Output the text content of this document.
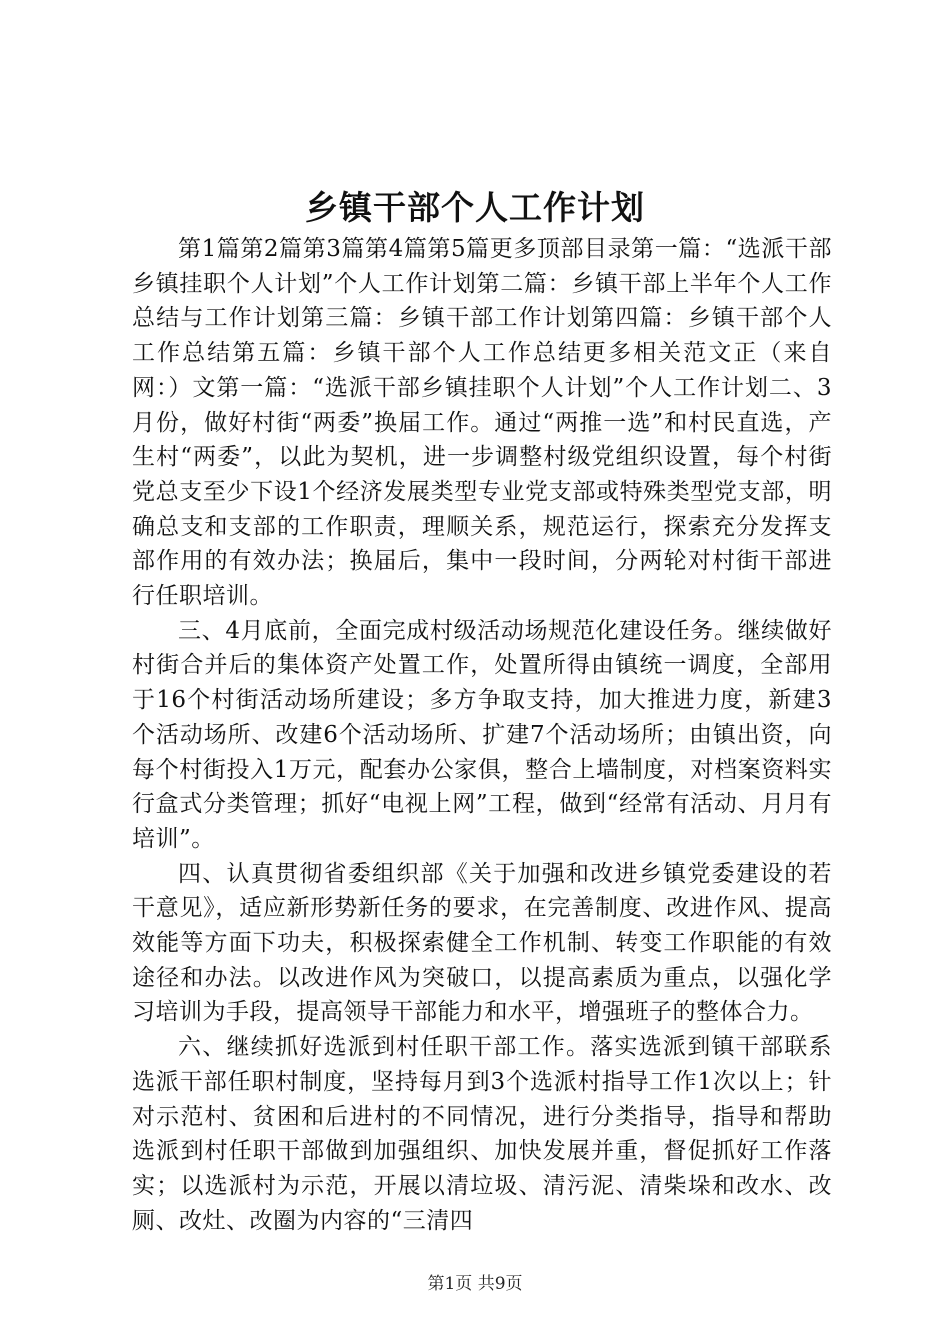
乡镇干部个人工作计划

第1篇第2篇第3篇第4篇第5篇更多顶部目录第一篇：“选派干部乡镇挂职个人计划”个人工作计划第二篇：乡镇干部上半年个人工作总结与工作计划第三篇：乡镇干部工作计划第四篇：乡镇干部个人工作总结第五篇：乡镇干部个人工作总结更多相关范文正（来自网：）文第一篇：“选派干部乡镇挂职个人计划”个人工作计划二、3月份，做好村街“两委”换届工作。通过“两推一选”和村民直选，产生村“两委”，以此为契机，进一步调整村级党组织设置，每个村街党总支至少下设1个经济发展类型专业党支部或特殊类型党支部，明确总支和支部的工作职责，理顺关系，规范运行，探索充分发挥支部作用的有效办法；换届后，集中一段时间，分两轮对村街干部进行任职培训。

三、4月底前，全面完成村级活动场规范化建设任务。继续做好村街合并后的集体资产处置工作，处置所得由镇统一调度，全部用于16个村街活动场所建设；多方争取支持，加大推进力度，新建3个活动场所、改建6个活动场所、扩建7个活动场所；由镇出资，向每个村街投入1万元，配套办公家俱，整合上墙制度，对档案资料实行盒式分类管理；抓好“电视上网”工程，做到“经常有活动、月月有培训”。

四、认真贯彻省委组织部《关于加强和改进乡镇党委建设的若干意见》，适应新形势新任务的要求，在完善制度、改进作风、提高效能等方面下功夫，积极探索健全工作机制、转变工作职能的有效途径和办法。以改进作风为突破口，以提高素质为重点，以强化学习培训为手段，提高领导干部能力和水平，增强班子的整体合力。

六、继续抓好选派到村任职干部工作。落实选派到镇干部联系选派干部任职村制度，坚持每月到3个选派村指导工作1次以上；针对示范村、贫困和后进村的不同情况，进行分类指导，指导和帮助选派到村任职干部做到加强组织、加快发展并重，督促抓好工作落实；以选派村为示范，开展以清垃圾、清污泥、清柴垛和改水、改厕、改灶、改圈为内容的“三清四

第1页 共9页
